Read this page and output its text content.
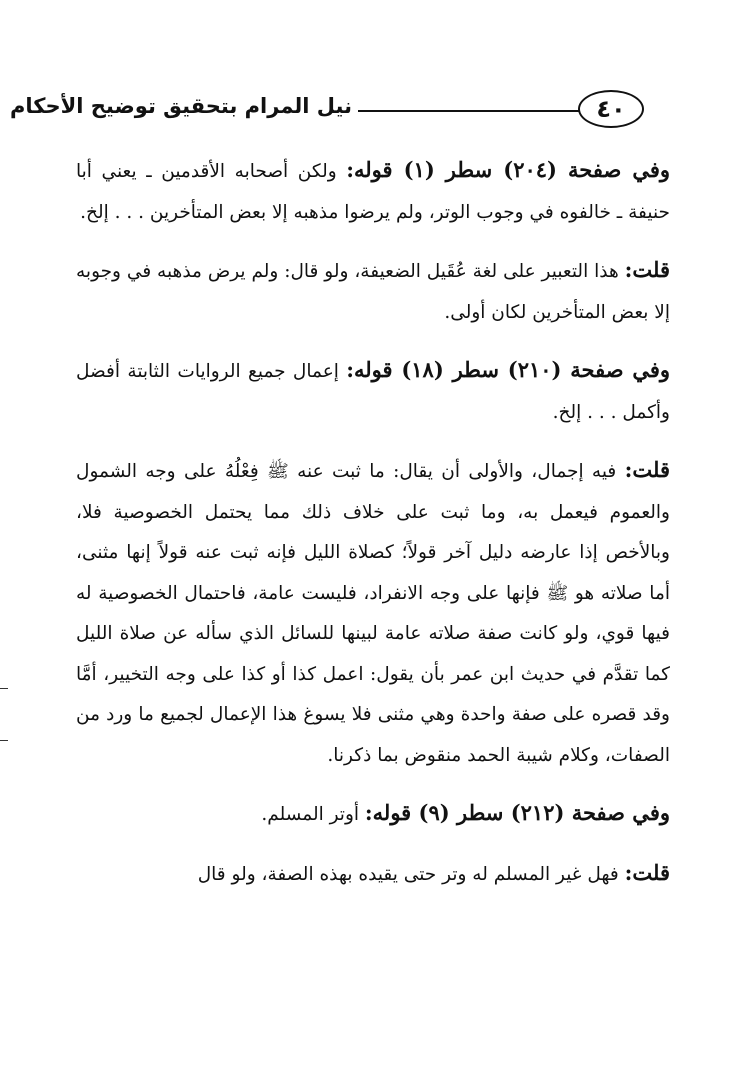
٤٠
نيل المرام بتحقيق توضيح الأحكام

وفي صفحة (٢٠٤) سطر (١) قوله: ولكن أصحابه الأقدمين ـ يعني أبا حنيفة ـ خالفوه في وجوب الوتر، ولم يرضوا مذهبه إلا بعض المتأخرين . . . إلخ.

قلت: هذا التعبير على لغة عُقَيل الضعيفة، ولو قال: ولم يرض مذهبه في وجوبه إلا بعض المتأخرين لكان أولى.

وفي صفحة (٢١٠) سطر (١٨) قوله: إعمال جميع الروايات الثابتة أفضل وأكمل . . . إلخ.

قلت: فيه إجمال، والأولى أن يقال: ما ثبت عنه ﷺ فِعْلُهُ على وجه الشمول والعموم فيعمل به، وما ثبت على خلاف ذلك مما يحتمل الخصوصية فلا، وبالأخص إذا عارضه دليل آخر قولاً؛ كصلاة الليل فإنه ثبت عنه قولاً إنها مثنى، أما صلاته هو ﷺ فإنها على وجه الانفراد، فليست عامة، فاحتمال الخصوصية له فيها قوي، ولو كانت صفة صلاته عامة لبينها للسائل الذي سأله عن صلاة الليل كما تقدَّم في حديث ابن عمر بأن يقول: اعمل كذا أو كذا على وجه التخيير، أمَّا وقد قصره على صفة واحدة وهي مثنى فلا يسوغ هذا الإعمال لجميع ما ورد من الصفات، وكلام شيبة الحمد منقوض بما ذكرنا.

وفي صفحة (٢١٢) سطر (٩) قوله: أوتر المسلم.

قلت: فهل غير المسلم له وتر حتى يقيده بهذه الصفة، ولو قال
